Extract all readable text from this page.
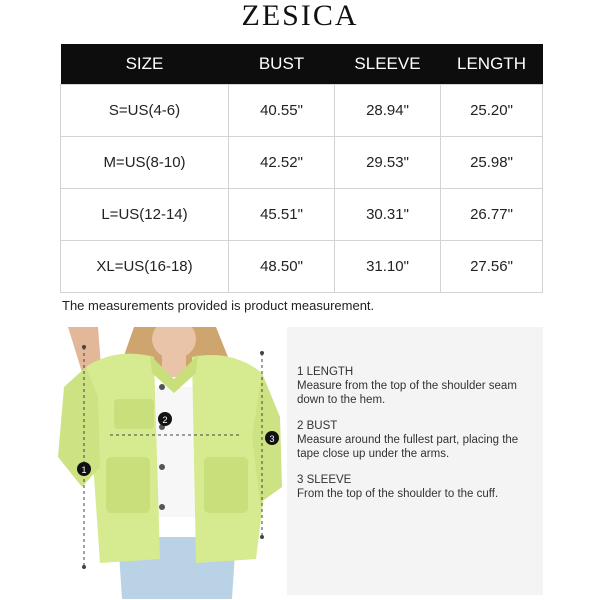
ZESICA
SIZE	BUST	SLEEVE	LENGTH
S=US(4-6)	40.55"	28.94"	25.20"
M=US(8-10)	42.52"	29.53"	25.98"
L=US(12-14)	45.51"	30.31"	26.77"
XL=US(16-18)	48.50"	31.10"	27.56"
The measurements provided is product measurement.
1
2
3
1 LENGTH
Measure from the top of the shoulder seam down to the hem.
2 BUST
Measure around the fullest part, placing the tape close up under the arms.
3 SLEEVE
From the top of the shoulder to the cuff.
